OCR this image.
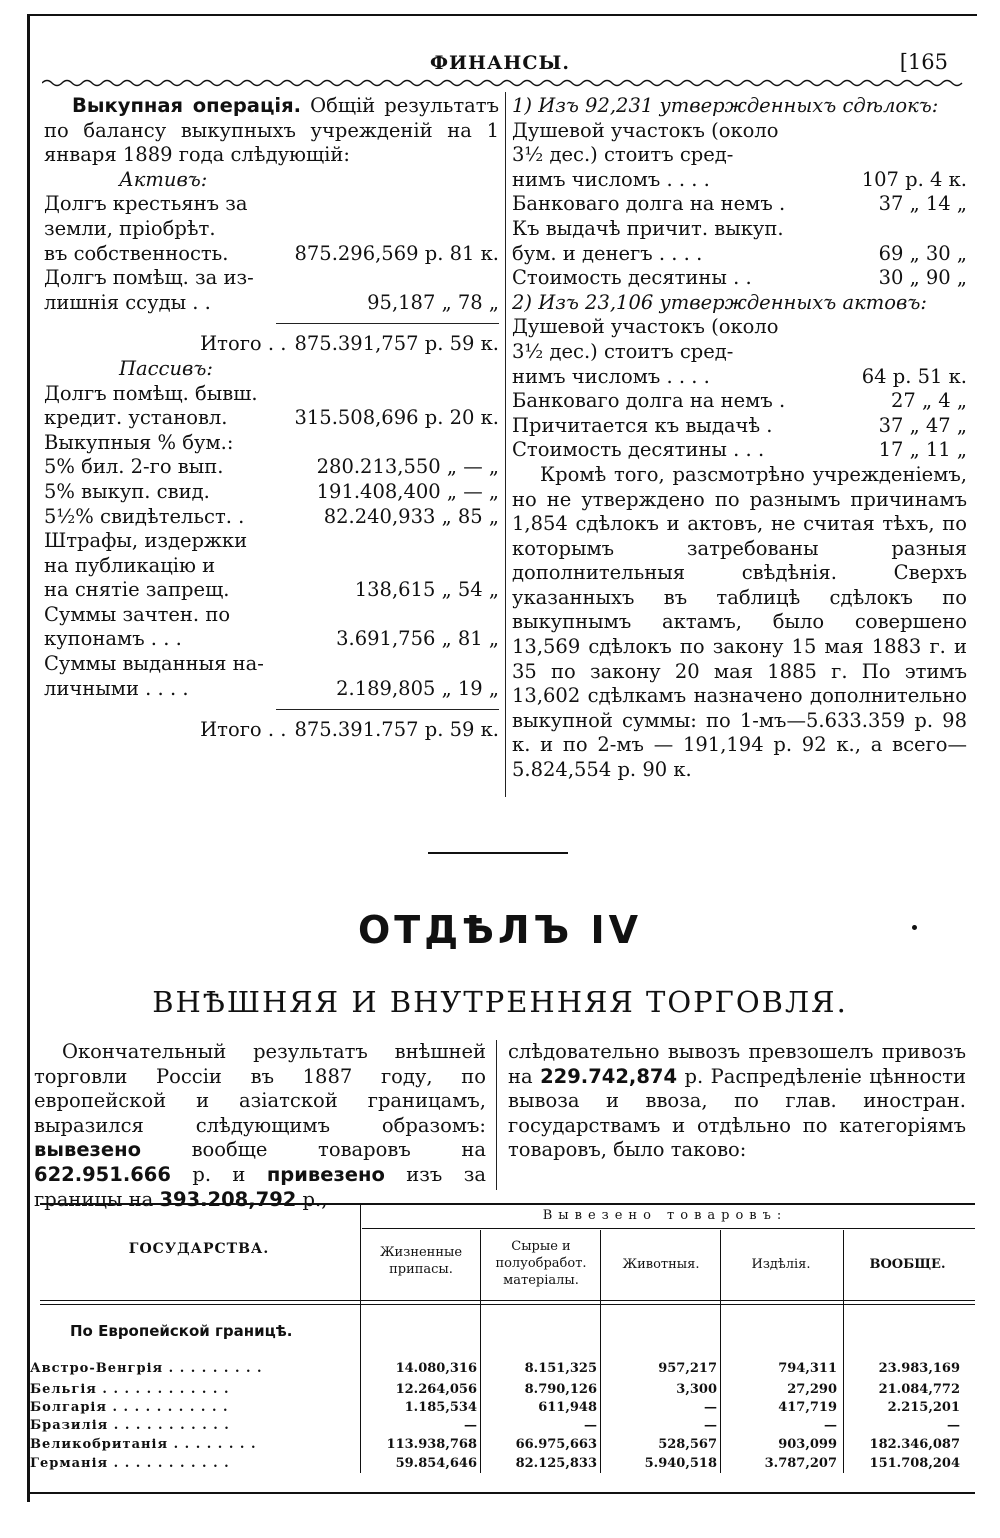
ФИНАНСЫ.	[165

Выкупная операція. Общій результатъ по балансу выкупныхъ учрежденій на 1 января 1889 года слѣдующій:

Активъ:

Долгъ крестьянъ за
земли, пріобрѣт.
въ собственность.	875.296,569 р. 81 к.
Долгъ помѣщ. за из-
лишнія ссуды . .	95,187 „ 78 „
Итого . . 875.391,757 р. 59 к.

Пассивъ:

Долгъ помѣщ. бывш.
кредит. установл.	315.508,696 р. 20 к.
Выкупныя % бум.:
5% бил. 2-го вып.	280.213,550 „ — „
5% выкуп. свид.	191.408,400 „ — „
5½% свидѣтельст. .	82.240,933 „ 85 „
Штрафы, издержки
на публикацію и
на снятіе запрещ.	138,615 „ 54 „
Суммы зачтен. по
купонамъ . . .	3.691,756 „ 81 „
Суммы выданныя на-
личными . . . .	2.189,805 „ 19 „
Итого . . 875.391.757 р. 59 к.

1) Изъ 92,231 утвержденныхъ сдѣлокъ:

Душевой участокъ (около
3½ дес.) стоитъ сред-
нимъ числомъ . . . .	107 р. 4 к.
Банковаго долга на немъ .	37 „ 14 „
Къ выдачѣ причит. выкуп.
бум. и денегъ . . . .	69 „ 30 „
Стоимость десятины . .	30 „ 90 „

2) Изъ 23,106 утвержденныхъ актовъ:

Душевой участокъ (около
3½ дес.) стоитъ сред-
нимъ числомъ . . . .	64 р. 51 к.
Банковаго долга на немъ .	27 „ 4 „
Причитается къ выдачѣ .	37 „ 47 „
Стоимость десятины . . .	17 „ 11 „

Кромѣ того, разсмотрѣно учрежденіемъ, но не утверждено по разнымъ причинамъ 1,854 сдѣлокъ и актовъ, не считая тѣхъ, по которымъ затребованы разныя дополнительныя свѣдѣнія. Сверхъ указанныхъ въ таблицѣ сдѣлокъ по выкупнымъ актамъ, было совершено 13,569 сдѣлокъ по закону 15 мая 1883 г. и 35 по закону 20 мая 1885 г. По этимъ 13,602 сдѣлкамъ назначено дополнительно выкупной суммы: по 1-мъ—5.633.359 р. 98 к. и по 2-мъ — 191,194 р. 92 к., а всего—5.824,554 р. 90 к.

ОТДѢЛЪ IV
ВНѢШНЯЯ И ВНУТРЕННЯЯ ТОРГОВЛЯ.

Окончательный результатъ внѣшней торговли Россіи въ 1887 году, по европейской и азіатской границамъ, выразился слѣдующимъ образомъ: вывезено вообще товаровъ на 622.951.666 р. и привезено изъ за границы на 393.208,792 р.,

слѣдовательно вывозъ превзошелъ привозъ на 229.742,874 р. Распредѣленіе цѣнности вывоза и ввоза, по глав. иностран. государствамъ и отдѣльно по категоріямъ товаровъ, было таково:

ГОСУДАРСТВА.
Вывезено товаровъ:
Жизненные припасы.
Сырые и полуобработ. матеріалы.
Животныя.	Издѣлія.	ВООБЩЕ.
По Европейской границѣ.
Австро-Венгрія . . . . . . . . .	14.080,316	8.151,325	957,217	794,311	23.983,169
Бельгія . . . . . . . . . . . .	12.264,056	8.790,126	3,300	27,290	21.084,772
Болгарія . . . . . . . . . . .	1.185,534	611,948	—	417,719	2.215,201
Бразилія . . . . . . . . . . .	—	—	—	—	—
Великобританія . . . . . . . .	113.938,768	66.975,663	528,567	903,099	182.346,087
Германія . . . . . . . . . . .	59.854,646	82.125,833	5.940,518	3.787,207	151.708,204
